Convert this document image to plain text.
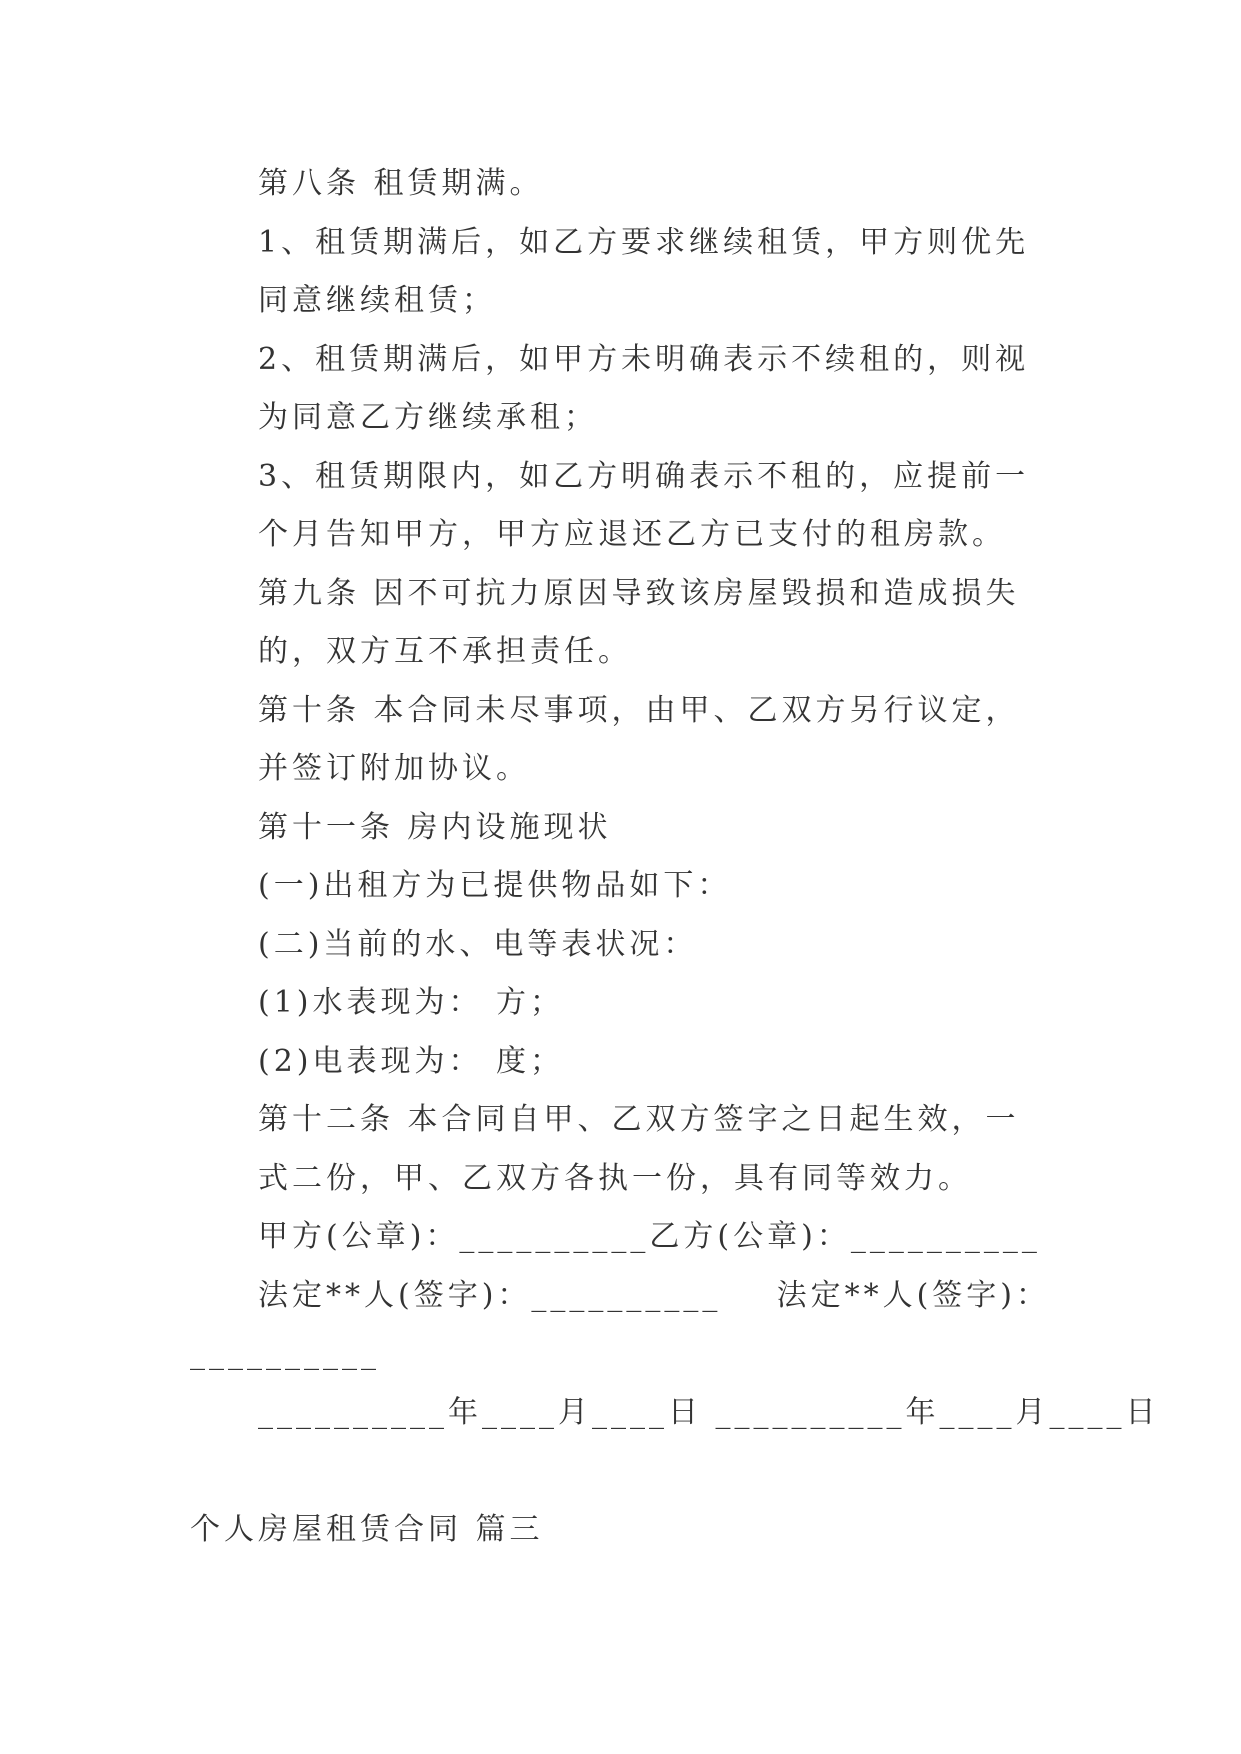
第八条 租赁期满。

1、租赁期满后，如乙方要求继续租赁，甲方则优先同意继续租赁；

2、租赁期满后，如甲方未明确表示不续租的，则视为同意乙方继续承租；

3、租赁期限内，如乙方明确表示不租的，应提前一个月告知甲方，甲方应退还乙方已支付的租房款。

第九条 因不可抗力原因导致该房屋毁损和造成损失的，双方互不承担责任。

第十条 本合同未尽事项，由甲、乙双方另行议定，并签订附加协议。

第十一条 房内设施现状

(一)出租方为已提供物品如下：

(二)当前的水、电等表状况：

(1)水表现为： 方；

(2)电表现为： 度；

第十二条 本合同自甲、乙双方签字之日起生效，一式二份，甲、乙双方各执一份，具有同等效力。

甲方(公章)：__________乙方(公章)：__________

法定**人(签字)：__________ 法定**人(签字)：

__________

__________年____月____日 __________年____月____日

个人房屋租赁合同 篇三
